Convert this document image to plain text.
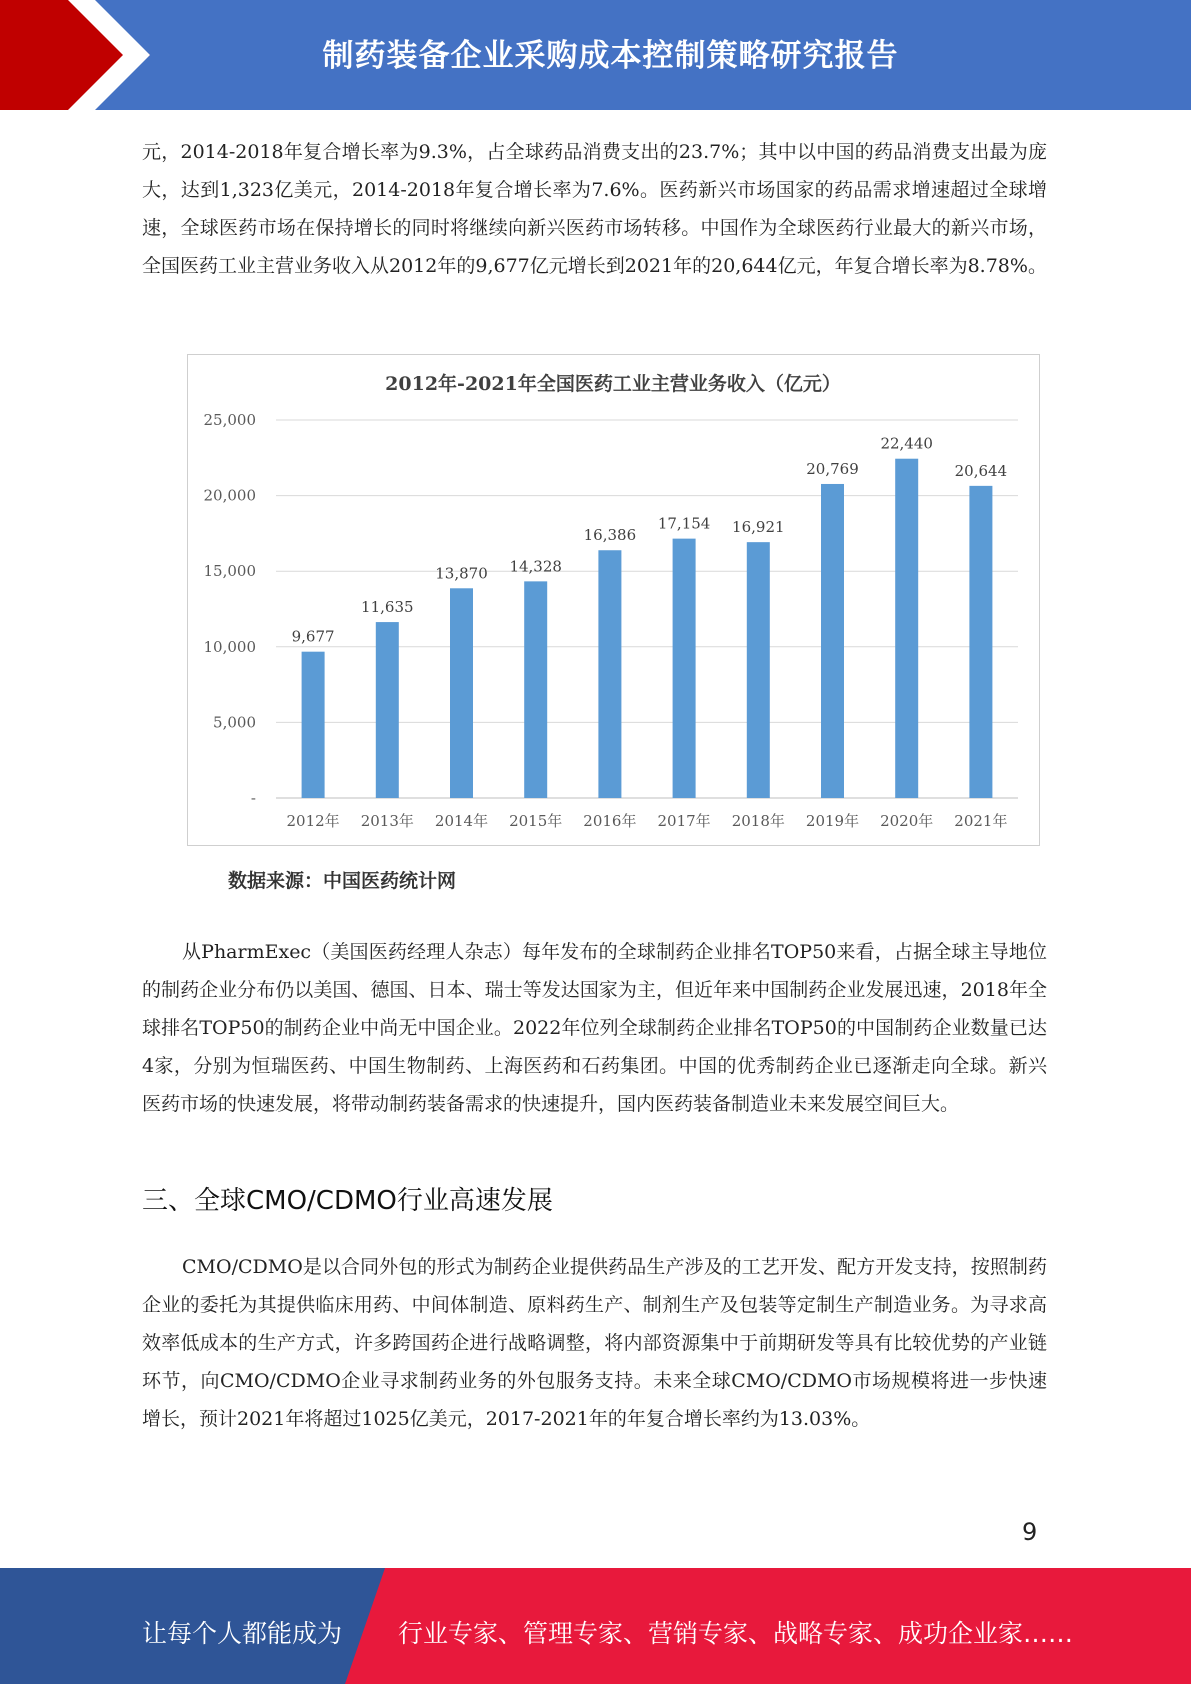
制药装备企业采购成本控制策略研究报告

元，2014-2018年复合增长率为9.3%，占全球药品消费支出的23.7%；其中以中国的药品消费支出最为庞大，达到1,323亿美元，2014-2018年复合增长率为7.6%。医药新兴市场国家的药品需求增速超过全球增速，全球医药市场在保持增长的同时将继续向新兴医药市场转移。中国作为全球医药行业最大的新兴市场，全国医药工业主营业务收入从2012年的9,677亿元增长到2021年的20,644亿元，年复合增长率为8.78%。

2012年-2021年全国医药工业主营业务收入（亿元）
-
5,000
10,000
15,000
20,000
25,000
9,677
11,635
13,870 14,328
16,386
17,154 16,921
20,769
22,440
20,644
2012年 2013年 2014年 2015年 2016年 2017年 2018年 2019年 2020年 2021年
数据来源：中国医药统计网

从PharmExec（美国医药经理人杂志）每年发布的全球制药企业排名TOP50来看，占据全球主导地位的制药企业分布仍以美国、德国、日本、瑞士等发达国家为主，但近年来中国制药企业发展迅速，2018年全球排名TOP50的制药企业中尚无中国企业。2022年位列全球制药企业排名TOP50的中国制药企业数量已达4家，分别为恒瑞医药、中国生物制药、上海医药和石药集团。中国的优秀制药企业已逐渐走向全球。新兴医药市场的快速发展，将带动制药装备需求的快速提升，国内医药装备制造业未来发展空间巨大。

三、全球CMO/CDMO行业高速发展

CMO/CDMO是以合同外包的形式为制药企业提供药品生产涉及的工艺开发、配方开发支持，按照制药企业的委托为其提供临床用药、中间体制造、原料药生产、制剂生产及包装等定制生产制造业务。为寻求高效率低成本的生产方式，许多跨国药企进行战略调整，将内部资源集中于前期研发等具有比较优势的产业链环节，向CMO/CDMO企业寻求制药业务的外包服务支持。未来全球CMO/CDMO市场规模将进一步快速增长，预计2021年将超过1025亿美元，2017-2021年的年复合增长率约为13.03%。

9
让每个人都能成为 行业专家、管理专家、营销专家、战略专家、成功企业家……
